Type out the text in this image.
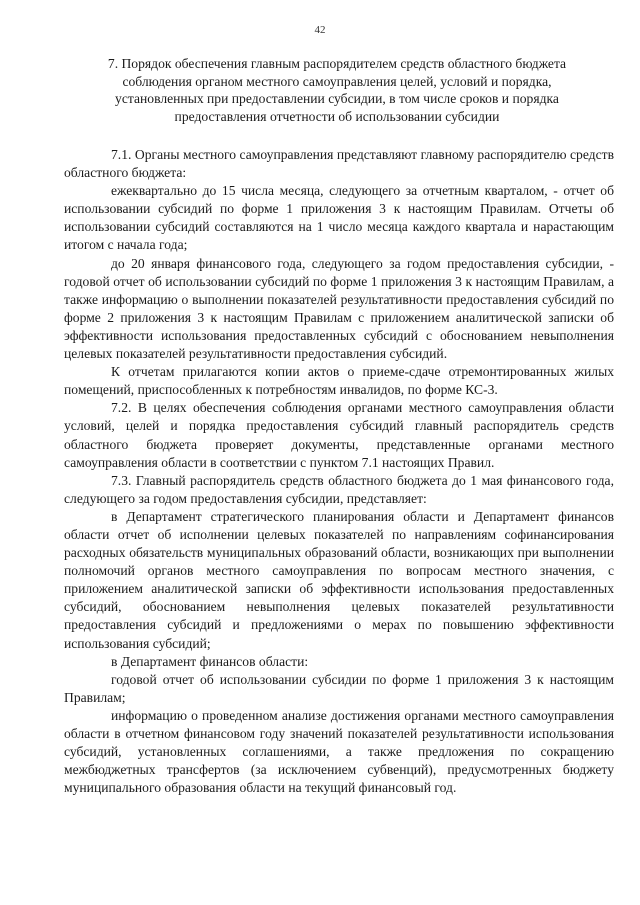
42
7. Порядок обеспечения главным распорядителем средств областного бюджета соблюдения органом местного самоуправления целей, условий и порядка, установленных при предоставлении субсидии, в том числе сроков и порядка предоставления отчетности об использовании субсидии

7.1. Органы местного самоуправления представляют главному распорядителю средств областного бюджета:

ежеквартально до 15 числа месяца, следующего за отчетным кварталом, - отчет об использовании субсидий по форме 1 приложения 3 к настоящим Правилам. Отчеты об использовании субсидий составляются на 1 число месяца каждого квартала и нарастающим итогом с начала года;

до 20 января финансового года, следующего за годом предоставления субсидии, - годовой отчет об использовании субсидий по форме 1 приложения 3 к настоящим Правилам, а также информацию о выполнении показателей результативности предоставления субсидий по форме 2 приложения 3 к настоящим Правилам с приложением аналитической записки об эффективности использования предоставленных субсидий с обоснованием невыполнения целевых показателей результативности предоставления субсидий.

К отчетам прилагаются копии актов о приеме-сдаче отремонтированных жилых помещений, приспособленных к потребностям инвалидов, по форме КС-3.

7.2. В целях обеспечения соблюдения органами местного самоуправления области условий, целей и порядка предоставления субсидий главный распорядитель средств областного бюджета проверяет документы, представленные органами местного самоуправления области в соответствии с пунктом 7.1 настоящих Правил.

7.3. Главный распорядитель средств областного бюджета до 1 мая финансового года, следующего за годом предоставления субсидии, представляет:

в Департамент стратегического планирования области и Департамент финансов области отчет об исполнении целевых показателей по направлениям софинансирования расходных обязательств муниципальных образований области, возникающих при выполнении полномочий органов местного самоуправления по вопросам местного значения, с приложением аналитической записки об эффективности использования предоставленных субсидий, обоснованием невыполнения целевых показателей результативности предоставления субсидий и предложениями о мерах по повышению эффективности использования субсидий;

в Департамент финансов области:

годовой отчет об использовании субсидии по форме 1 приложения 3 к настоящим Правилам;

информацию о проведенном анализе достижения органами местного самоуправления области в отчетном финансовом году значений показателей результативности использования субсидий, установленных соглашениями, а также предложения по сокращению межбюджетных трансфертов (за исключением субвенций), предусмотренных бюджету муниципального образования области на текущий финансовый год.
